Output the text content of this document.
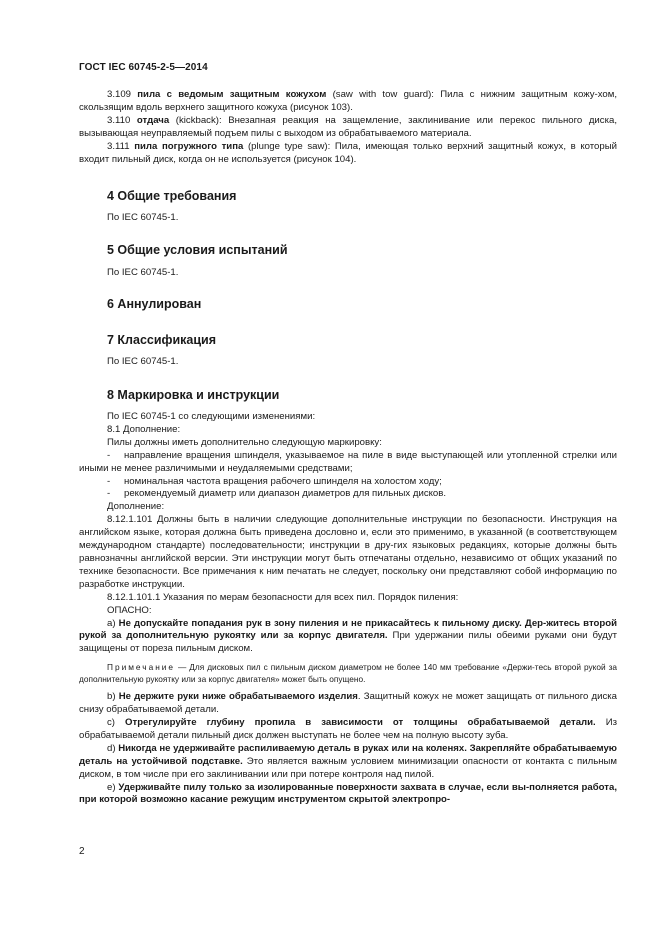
ГОСТ IEC 60745-2-5—2014

3.109 пила с ведомым защитным кожухом (saw with tow guard): Пила с нижним защитным кожу-хом, скользящим вдоль верхнего защитного кожуха (рисунок 103).

3.110 отдача (kickback): Внезапная реакция на защемление, заклинивание или перекос пильного диска, вызывающая неуправляемый подъем пилы с выходом из обрабатываемого материала.

3.111 пила погружного типа (plunge type saw): Пила, имеющая только верхний защитный кожух, в который входит пильный диск, когда он не используется (рисунок 104).

4 Общие требования
По IEC 60745-1.
5 Общие условия испытаний
По IEC 60745-1.
6 Аннулирован
7 Классификация
По IEC 60745-1.
8 Маркировка и инструкции

По IEC 60745-1 со следующими изменениями:

8.1 Дополнение:

Пилы должны иметь дополнительно следующую маркировку:

- направление вращения шпинделя, указываемое на пиле в виде выступающей или утопленной стрелки или иными не менее различимыми и неудаляемыми средствами;

- номинальная частота вращения рабочего шпинделя на холостом ходу;

- рекомендуемый диаметр или диапазон диаметров для пильных дисков.

Дополнение:

8.12.1.101 Должны быть в наличии следующие дополнительные инструкции по безопасности. Инструкция на английском языке, которая должна быть приведена дословно и, если это применимо, в указанной (в соответствующем международном стандарте) последовательности; инструкции в дру-гих языковых редакциях, которые должны быть равнозначны английской версии. Эти инструкции могут быть отпечатаны отдельно, независимо от общих указаний по технике безопасности. Все примечания к ним печатать не следует, поскольку они представляют собой информацию по разработке инструкции.

8.12.1.101.1 Указания по мерам безопасности для всех пил. Порядок пиления:

ОПАСНО:

a) Не допускайте попадания рук в зону пиления и не прикасайтесь к пильному диску. Дер-житесь второй рукой за дополнительную рукоятку или за корпус двигателя. При удержании пилы обеими руками они будут защищены от пореза пильным диском.

Примечание — Для дисковых пил с пильным диском диаметром не более 140 мм требование «Держи-тесь второй рукой за дополнительную рукоятку или за корпус двигателя» может быть опущено.

b) Не держите руки ниже обрабатываемого изделия. Защитный кожух не может защищать от пильного диска снизу обрабатываемой детали.

c) Отрегулируйте глубину пропила в зависимости от толщины обрабатываемой детали. Из обрабатываемой детали пильный диск должен выступать не более чем на полную высоту зуба.

d) Никогда не удерживайте распиливаемую деталь в руках или на коленях. Закрепляйте обрабатываемую деталь на устойчивой подставке. Это является важным условием минимизации опасности от контакта с пильным диском, в том числе при его заклинивании или при потере контроля над пилой.

e) Удерживайте пилу только за изолированные поверхности захвата в случае, если вы-полняется работа, при которой возможно касание режущим инструментом скрытой электропро-

2
